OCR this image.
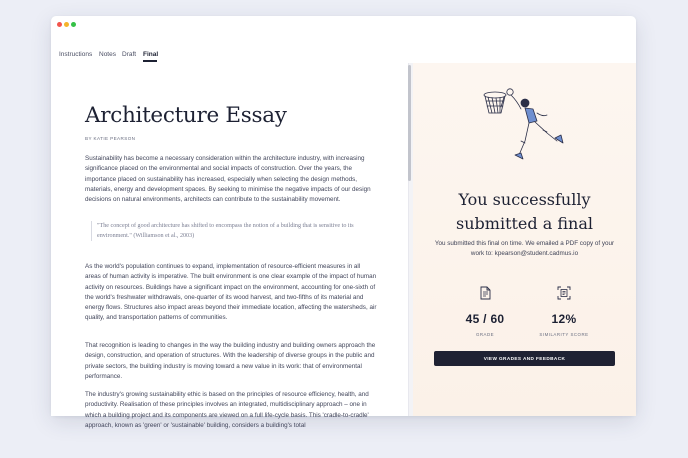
Instructions Notes Draft Final
Architecture Essay
BY KATIE PEARSON
Sustainability has become a necessary consideration within the architecture industry, with increasing significance placed on the environmental and social impacts of construction. Over the years, the importance placed on sustainability has increased, especially when selecting the design methods, materials, energy and development spaces. By seeking to minimise the negative impacts of our design decisions on natural environments, architects can contribute to the sustainability movement.
"The concept of good architecture has shifted to encompass the notion of a building that is sensitive to its environment." (Williamson et al., 2003)
As the world's population continues to expand, implementation of resource-efficient measures in all areas of human activity is imperative. The built environment is one clear example of the impact of human activity on resources. Buildings have a significant impact on the environment, accounting for one-sixth of the world's freshwater withdrawals, one-quarter of its wood harvest, and two-fifths of its material and energy flows. Structures also impact areas beyond their immediate location, affecting the watersheds, air quality, and transportation patterns of communities.
That recognition is leading to changes in the way the building industry and building owners approach the design, construction, and operation of structures. With the leadership of diverse groups in the public and private sectors, the building industry is moving toward a new value in its work: that of environmental performance.
The industry's growing sustainability ethic is based on the principles of resource efficiency, health, and productivity. Realisation of these principles involves an integrated, multidisciplinary approach – one in which a building project and its components are viewed on a full life-cycle basis. This 'cradle-to-cradle' approach, known as 'green' or 'sustainable' building, considers a building's total
You successfully
submitted a final
You submitted this final on time. We emailed a PDF copy of your work to: kpearson@student.cadmus.io
45 / 60
GRADE
12%
SIMILARITY SCORE
VIEW GRADES AND FEEDBACK
